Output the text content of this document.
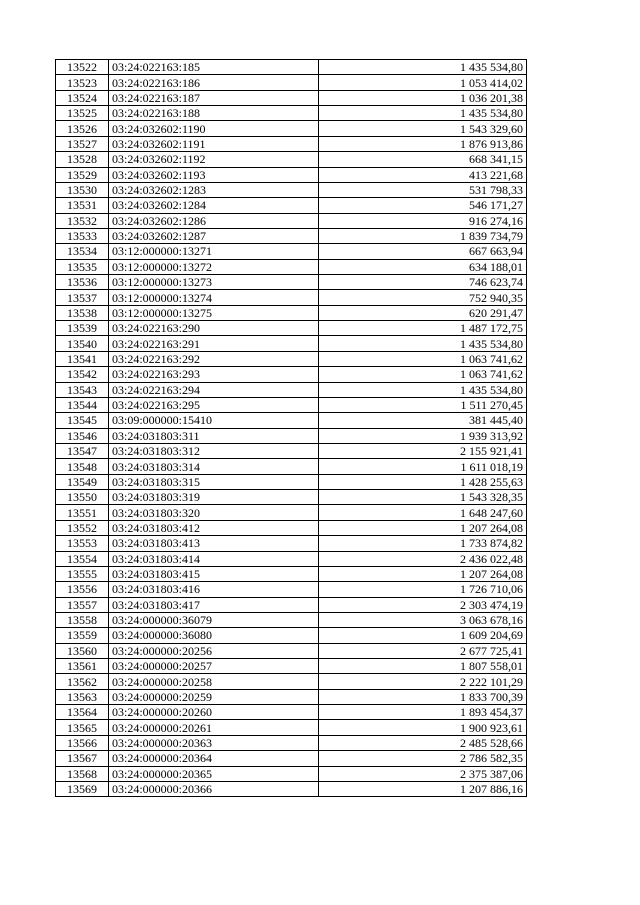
13522	03:24:022163:185	1 435 534,80
13523	03:24:022163:186	1 053 414,02
13524	03:24:022163:187	1 036 201,38
13525	03:24:022163:188	1 435 534,80
13526	03:24:032602:1190	1 543 329,60
13527	03:24:032602:1191	1 876 913,86
13528	03:24:032602:1192	668 341,15
13529	03:24:032602:1193	413 221,68
13530	03:24:032602:1283	531 798,33
13531	03:24:032602:1284	546 171,27
13532	03:24:032602:1286	916 274,16
13533	03:24:032602:1287	1 839 734,79
13534	03:12:000000:13271	667 663,94
13535	03:12:000000:13272	634 188,01
13536	03:12:000000:13273	746 623,74
13537	03:12:000000:13274	752 940,35
13538	03:12:000000:13275	620 291,47
13539	03:24:022163:290	1 487 172,75
13540	03:24:022163:291	1 435 534,80
13541	03:24:022163:292	1 063 741,62
13542	03:24:022163:293	1 063 741,62
13543	03:24:022163:294	1 435 534,80
13544	03:24:022163:295	1 511 270,45
13545	03:09:000000:15410	381 445,40
13546	03:24:031803:311	1 939 313,92
13547	03:24:031803:312	2 155 921,41
13548	03:24:031803:314	1 611 018,19
13549	03:24:031803:315	1 428 255,63
13550	03:24:031803:319	1 543 328,35
13551	03:24:031803:320	1 648 247,60
13552	03:24:031803:412	1 207 264,08
13553	03:24:031803:413	1 733 874,82
13554	03:24:031803:414	2 436 022,48
13555	03:24:031803:415	1 207 264,08
13556	03:24:031803:416	1 726 710,06
13557	03:24:031803:417	2 303 474,19
13558	03:24:000000:36079	3 063 678,16
13559	03:24:000000:36080	1 609 204,69
13560	03:24:000000:20256	2 677 725,41
13561	03:24:000000:20257	1 807 558,01
13562	03:24:000000:20258	2 222 101,29
13563	03:24:000000:20259	1 833 700,39
13564	03:24:000000:20260	1 893 454,37
13565	03:24:000000:20261	1 900 923,61
13566	03:24:000000:20363	2 485 528,66
13567	03:24:000000:20364	2 786 582,35
13568	03:24:000000:20365	2 375 387,06
13569	03:24:000000:20366	1 207 886,16
